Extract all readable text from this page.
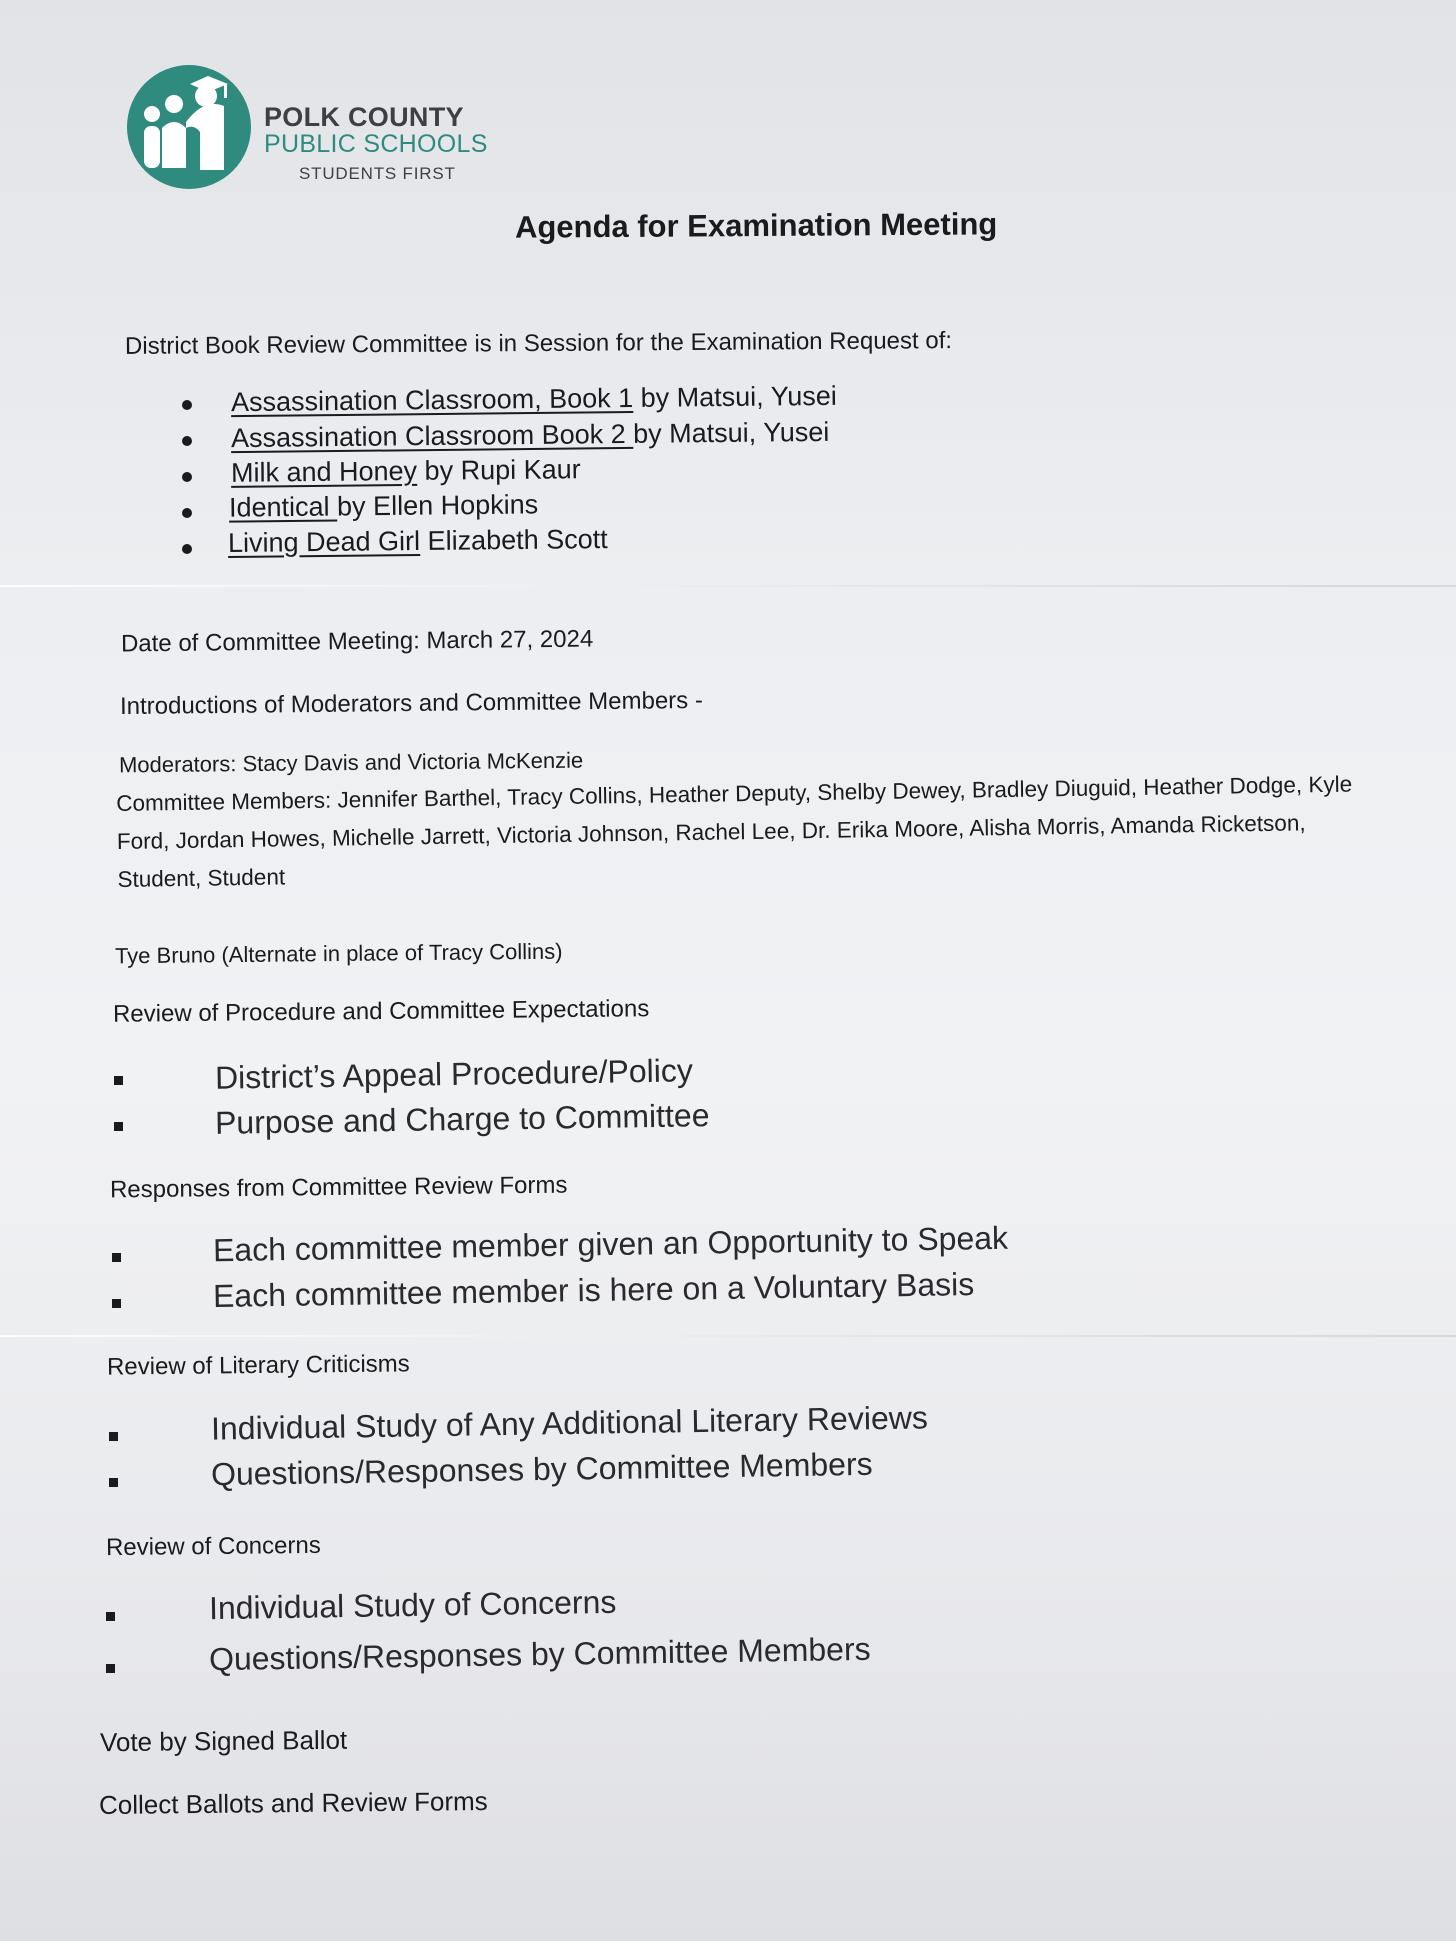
POLK COUNTY
PUBLIC SCHOOLS
STUDENTS FIRST
Agenda for Examination Meeting
District Book Review Committee is in Session for the Examination Request of:
Assassination Classroom, Book 1 by Matsui, Yusei
Assassination Classroom Book 2 by Matsui, Yusei
Milk and Honey by Rupi Kaur
Identical by Ellen Hopkins
Living Dead Girl Elizabeth Scott
Date of Committee Meeting: March 27, 2024
Introductions of Moderators and Committee Members -
Moderators: Stacy Davis and Victoria McKenzie
Committee Members: Jennifer Barthel, Tracy Collins, Heather Deputy, Shelby Dewey, Bradley Diuguid, Heather Dodge, Kyle Ford, Jordan Howes, Michelle Jarrett, Victoria Johnson, Rachel Lee, Dr. Erika Moore, Alisha Morris, Amanda Ricketson, Student, Student
Tye Bruno (Alternate in place of Tracy Collins)
Review of Procedure and Committee Expectations
District’s Appeal Procedure/Policy
Purpose and Charge to Committee
Responses from Committee Review Forms
Each committee member given an Opportunity to Speak
Each committee member is here on a Voluntary Basis
Review of Literary Criticisms
Individual Study of Any Additional Literary Reviews
Questions/Responses by Committee Members
Review of Concerns
Individual Study of Concerns
Questions/Responses by Committee Members
Vote by Signed Ballot
Collect Ballots and Review Forms
